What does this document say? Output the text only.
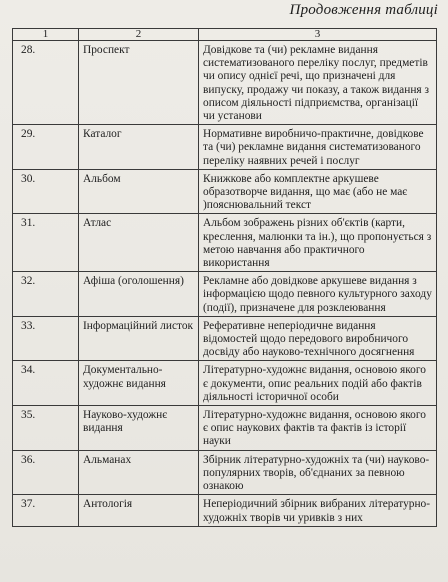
Продовження таблиці
1	2	3
28.	Проспект	Довідкове та (чи) рекламне видання систематизованого переліку послуг, предметів чи опису однієї речі, що призначені для випуску, продажу чи показу, а також видання з описом діяльності підприємства, організації чи установи
29.	Каталог	Нормативне виробничо-практичне, довідкове та (чи) рекламне видання систематизованого переліку наявних речей і послуг
30.	Альбом	Книжкове або комплектне аркушеве образотворче видання, що має (або не має )пояснювальний текст
31.	Атлас	Альбом зображень різних об'єктів (карти, креслення, малюнки та ін.), що пропонується з метою навчання або практичного використання
32.	Афіша (оголошення)	Рекламне або довідкове аркушеве видання з інформацією щодо певного культурного заходу (події), призначене для розклеювання
33.	Інформаційний листок	Реферативне неперіодичне видання відомостей щодо передового виробничого досвіду або науково-технічного досягнення
34.	Документально-художнє видання	Літературно-художнє видання, основою якого є документи, опис реальних подій або фактів діяльності історичної особи
35.	Науково-художнє видання	Літературно-художнє видання, основою якого є опис наукових фактів та фактів із історії науки
36.	Альманах	Збірник літературно-художніх та (чи) науково-популярних творів, об'єднаних за певною ознакою
37.	Антологія	Неперіодичний збірник вибраних літературно-художніх творів чи уривків з них
